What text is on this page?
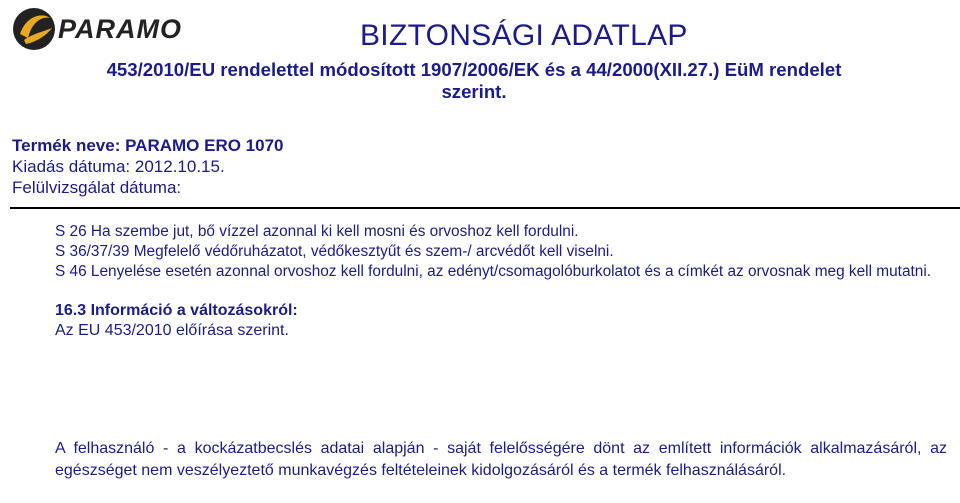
PARAMO	BIZTONSÁGI ADATLAP
453/2010/EU rendelettel módosított 1907/2006/EK és a 44/2000(XII.27.) EüM rendelet szerint.
Termék neve: PARAMO ERO 1070
Kiadás dátuma: 2012.10.15.
Felülvizsgálat dátuma:

S 26 Ha szembe jut, bő vízzel azonnal ki kell mosni és orvoshoz kell fordulni.

S 36/37/39 Megfelelő védőruházatot, védőkesztyűt és szem-/ arcvédőt kell viselni.

S 46 Lenyelése esetén azonnal orvoshoz kell fordulni, az edényt/csomagolóburkolatot és a címkét az orvosnak meg kell mutatni.

16.3 Információ a változásokról:

Az EU 453/2010 előírása szerint.

A felhasználó - a kockázatbecslés adatai alapján - saját felelősségére dönt az említett információk alkalmazásáról, az egészséget nem veszélyeztető munkavégzés feltételeinek kidolgozásáról és a termék felhasználásáról.
